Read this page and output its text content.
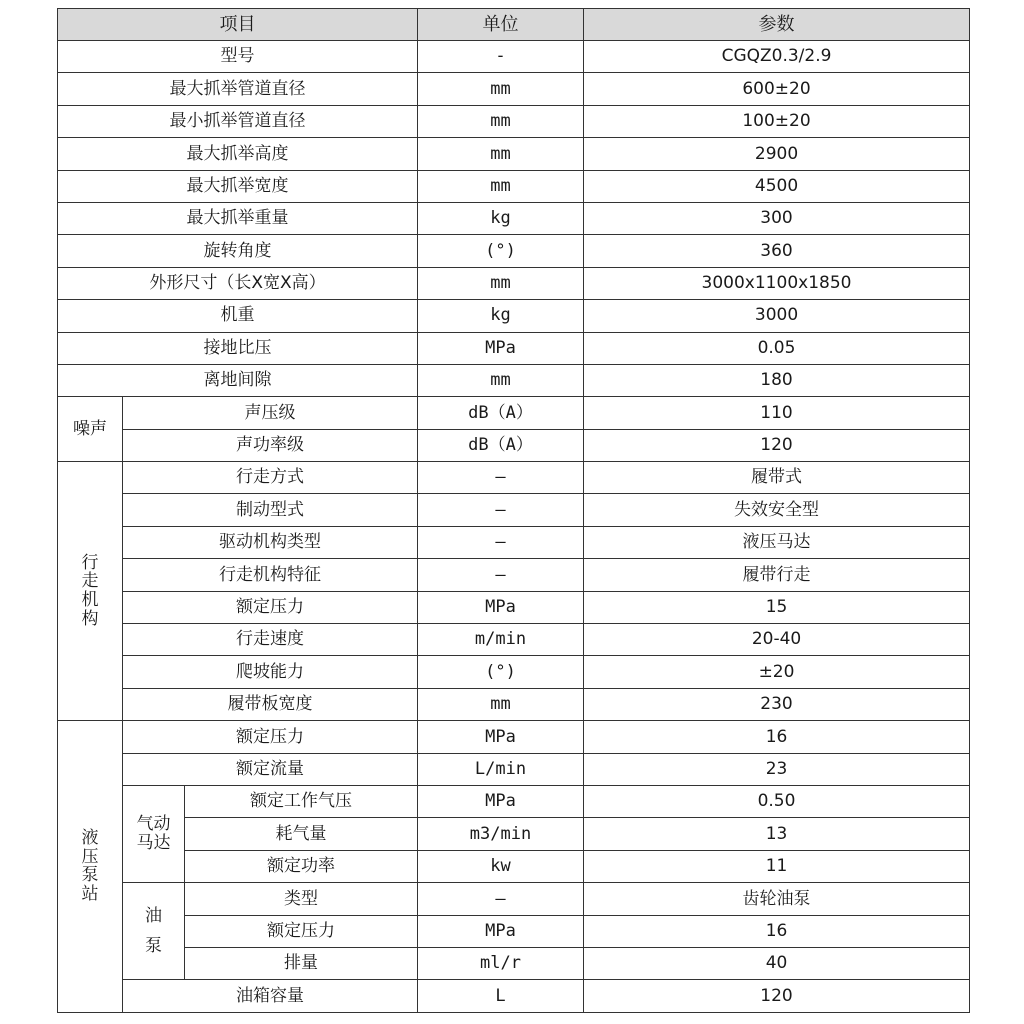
项目			单位	参数
型号			-	CGQZ0.3/2.9
最大抓举管道直径			mm	600±20
最小抓举管道直径			mm	100±20
最大抓举高度			mm	2900
最大抓举宽度			mm	4500
最大抓举重量			kg	300
旋转角度			(°)	360
外形尺寸（长X宽X高）			mm	3000x1100x1850
机重			kg	3000
接地比压			MPa	0.05
离地间隙			mm	180
噪声	声压级		dB（A）	110
	声功率级		dB（A）	120
行走机构	行走方式		—	履带式
	制动型式		—	失效安全型
	驱动机构类型		—	液压马达
	行走机构特征		—	履带行走
	额定压力		MPa	15
	行走速度		m/min	20-40
	爬坡能力		(°)	±20
	履带板宽度		mm	230
液压泵站	额定压力		MPa	16
	额定流量		L/min	23
	气动马达	额定工作气压	MPa	0.50
		耗气量	m3/min	13
		额定功率	kw	11
	油泵	类型	—	齿轮油泵
		额定压力	MPa	16
		排量	ml/r	40
	油箱容量		L	120
